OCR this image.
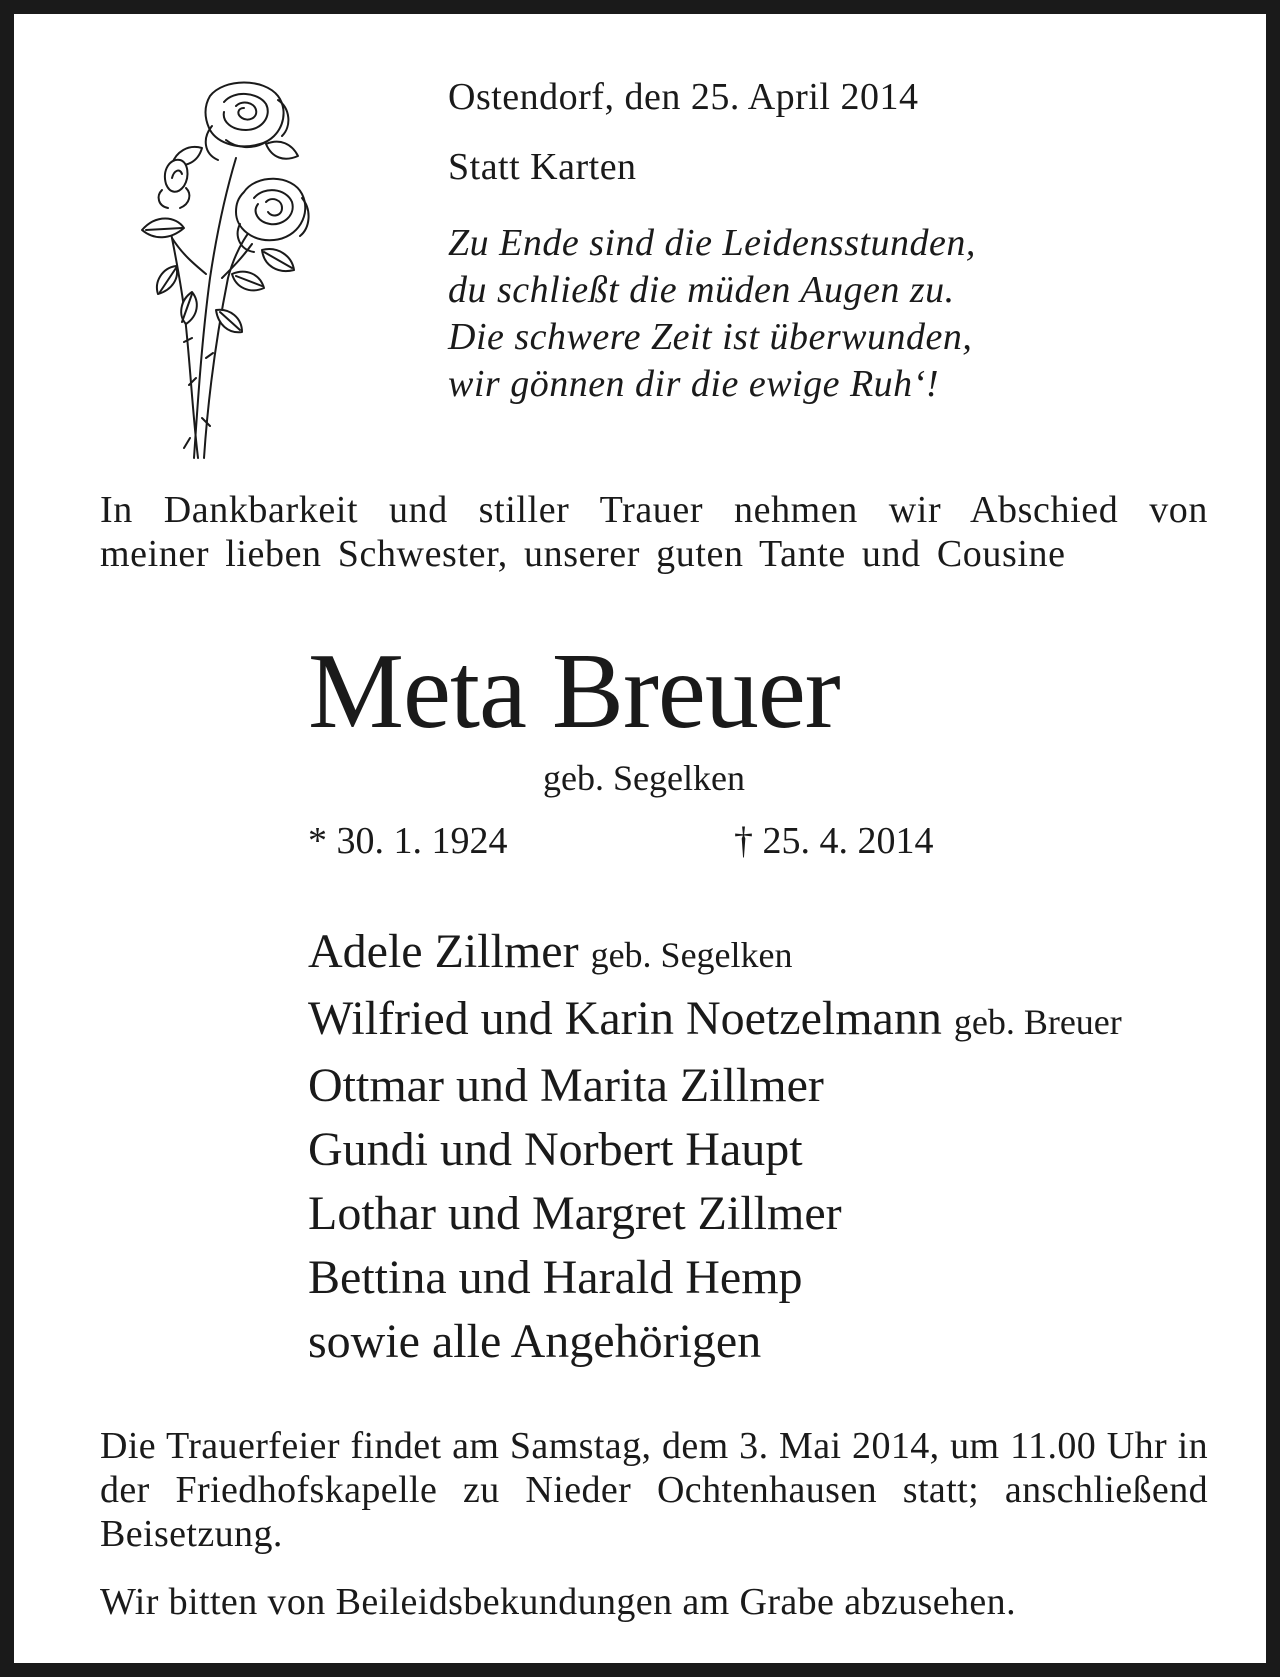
Ostendorf, den 25. April 2014

Statt Karten

Zu Ende sind die Leidensstunden,
du schließt die müden Augen zu.
Die schwere Zeit ist überwunden,
wir gönnen dir die ewige Ruh‘!

In Dankbarkeit und stiller Trauer nehmen wir Abschied von meiner lieben Schwester, unserer guten Tante und Cousine

Meta Breuer
geb. Segelken
* 30. 1. 1924	† 25. 4. 2014
Adele Zillmer geb. Segelken
Wilfried und Karin Noetzelmann geb. Breuer
Ottmar und Marita Zillmer
Gundi und Norbert Haupt
Lothar und Margret Zillmer
Bettina und Harald Hemp
sowie alle Angehörigen

Die Trauerfeier findet am Samstag, dem 3. Mai 2014, um 11.00 Uhr in der Friedhofskapelle zu Nieder Ochtenhausen statt; anschließend Beisetzung.

Wir bitten von Beileidsbekundungen am Grabe abzusehen.
